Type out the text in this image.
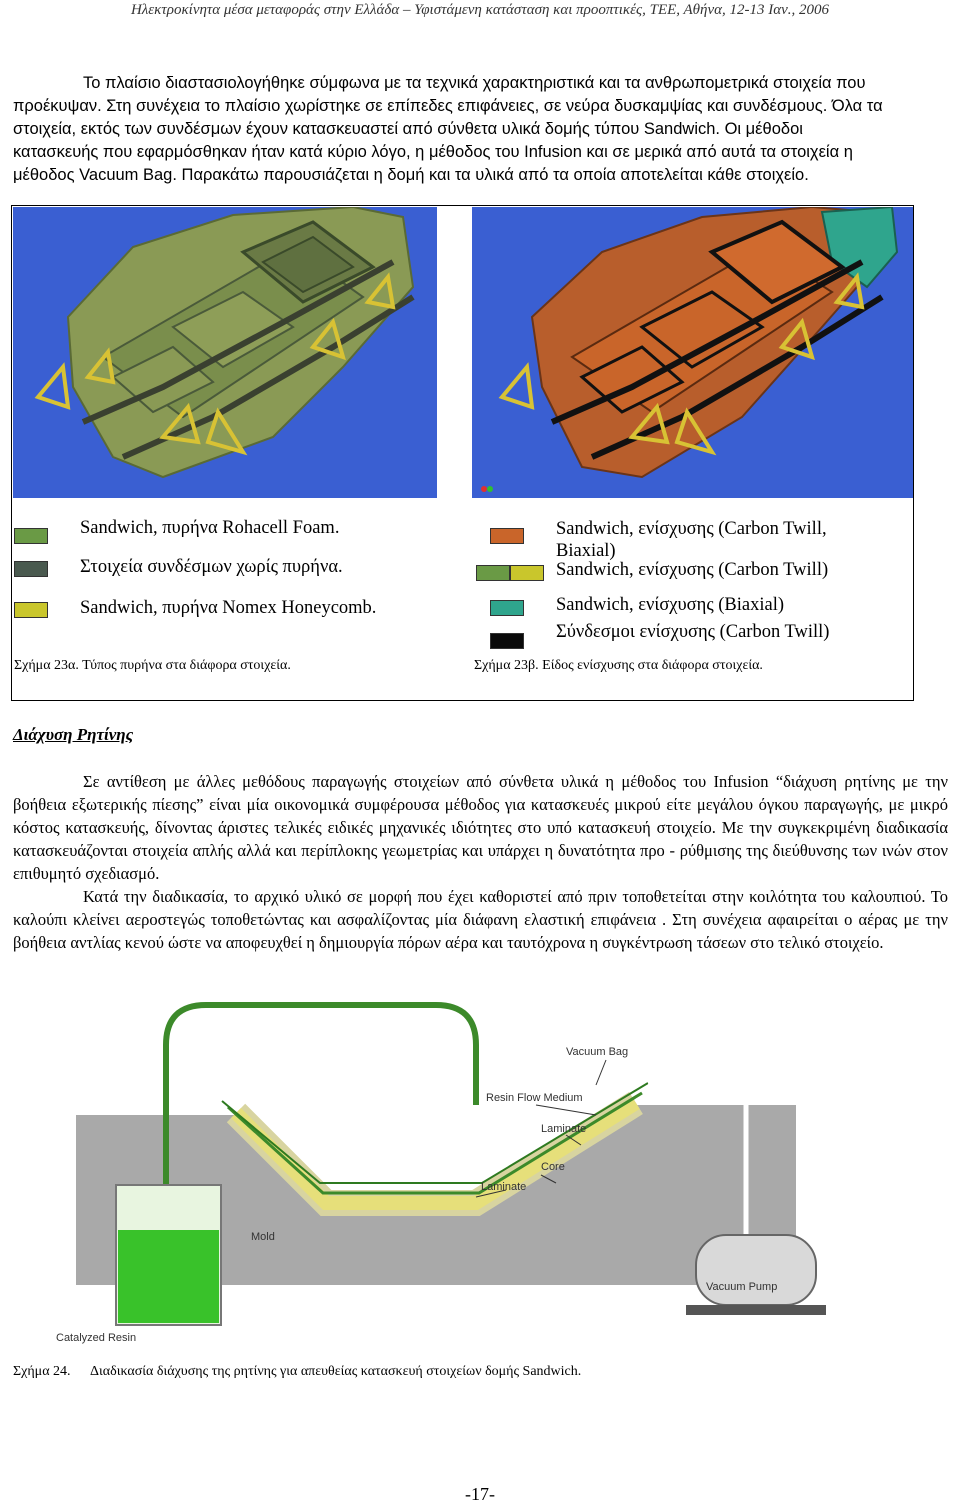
Ηλεκτροκίνητα μέσα μεταφοράς στην Ελλάδα – Υφιστάμενη κατάσταση και προοπτικές, ΤΕΕ, Αθήνα, 12-13 Ιαν., 2006
Το πλαίσιο διαστασιολογήθηκε σύμφωνα με τα τεχνικά χαρακτηριστικά και τα ανθρωπομετρικά στοιχεία που
προέκυψαν. Στη συνέχεια το πλαίσιο χωρίστηκε σε επίπεδες επιφάνειες, σε νεύρα δυσκαμψίας και συνδέσμους. Όλα τα
στοιχεία, εκτός των συνδέσμων έχουν κατασκευαστεί από σύνθετα υλικά δομής τύπου Sandwich. Οι μέθοδοι
κατασκευής που εφαρμόσθηκαν ήταν κατά κύριο λόγο, η μέθοδος του Infusion και σε μερικά από αυτά τα στοιχεία η
μέθοδος Vacuum Bag. Παρακάτω παρουσιάζεται η δομή και τα υλικά από τα οποία αποτελείται κάθε στοιχείο.
Sandwich, πυρήνα Rohacell Foam.
Στοιχεία συνδέσμων χωρίς πυρήνα.
Sandwich, πυρήνα Nomex Honeycomb.
Σχήμα 23α. Τύπος πυρήνα στα διάφορα στοιχεία.
Sandwich, ενίσχυσης (Carbon Twill,
Biaxial)
Sandwich, ενίσχυσης (Carbon Twill)
Sandwich, ενίσχυσης (Biaxial)
Σύνδεσμοι ενίσχυσης (Carbon Twill)
Σχήμα 23β. Είδος ενίσχυσης στα διάφορα στοιχεία.
Διάχυση Ρητίνης

Σε αντίθεση με άλλες μεθόδους παραγωγής στοιχείων από σύνθετα υλικά η μέθοδος του Infusion “διάχυση ρητίνης με την βοήθεια εξωτερικής πίεσης” είναι μία οικονομικά συμφέρουσα μέθοδος για κατασκευές μικρού είτε μεγάλου όγκου παραγωγής, με μικρό κόστος κατασκευής, δίνοντας άριστες τελικές ειδικές μηχανικές ιδιότητες στο υπό κατασκευή στοιχείο. Με την συγκεκριμένη διαδικασία κατασκευάζονται στοιχεία απλής αλλά και περίπλοκης γεωμετρίας και υπάρχει η δυνατότητα προ - ρύθμισης της διεύθυνσης των ινών στον επιθυμητό σχεδιασμό.

Κατά την διαδικασία, το αρχικό υλικό σε μορφή που έχει καθοριστεί από πριν τοποθετείται στην κοιλότητα του καλουπιού. Το καλούπι κλείνει αεροστεγώς τοποθετώντας και ασφαλίζοντας μία διάφανη ελαστική επιφάνεια . Στη συνέχεια αφαιρείται ο αέρας με την βοήθεια αντλίας κενού ώστε να αποφευχθεί η δημιουργία πόρων αέρα και ταυτόχρονα η συγκέντρωση τάσεων στο τελικό στοιχείο.

Vacuum Bag
Resin Flow Medium
Laminate
Core
Laminate
Mold
Catalyzed Resin
Vacuum Pump
Σχήμα 24. Διαδικασία διάχυσης της ρητίνης για απευθείας κατασκευή στοιχείων δομής Sandwich.
-17-
